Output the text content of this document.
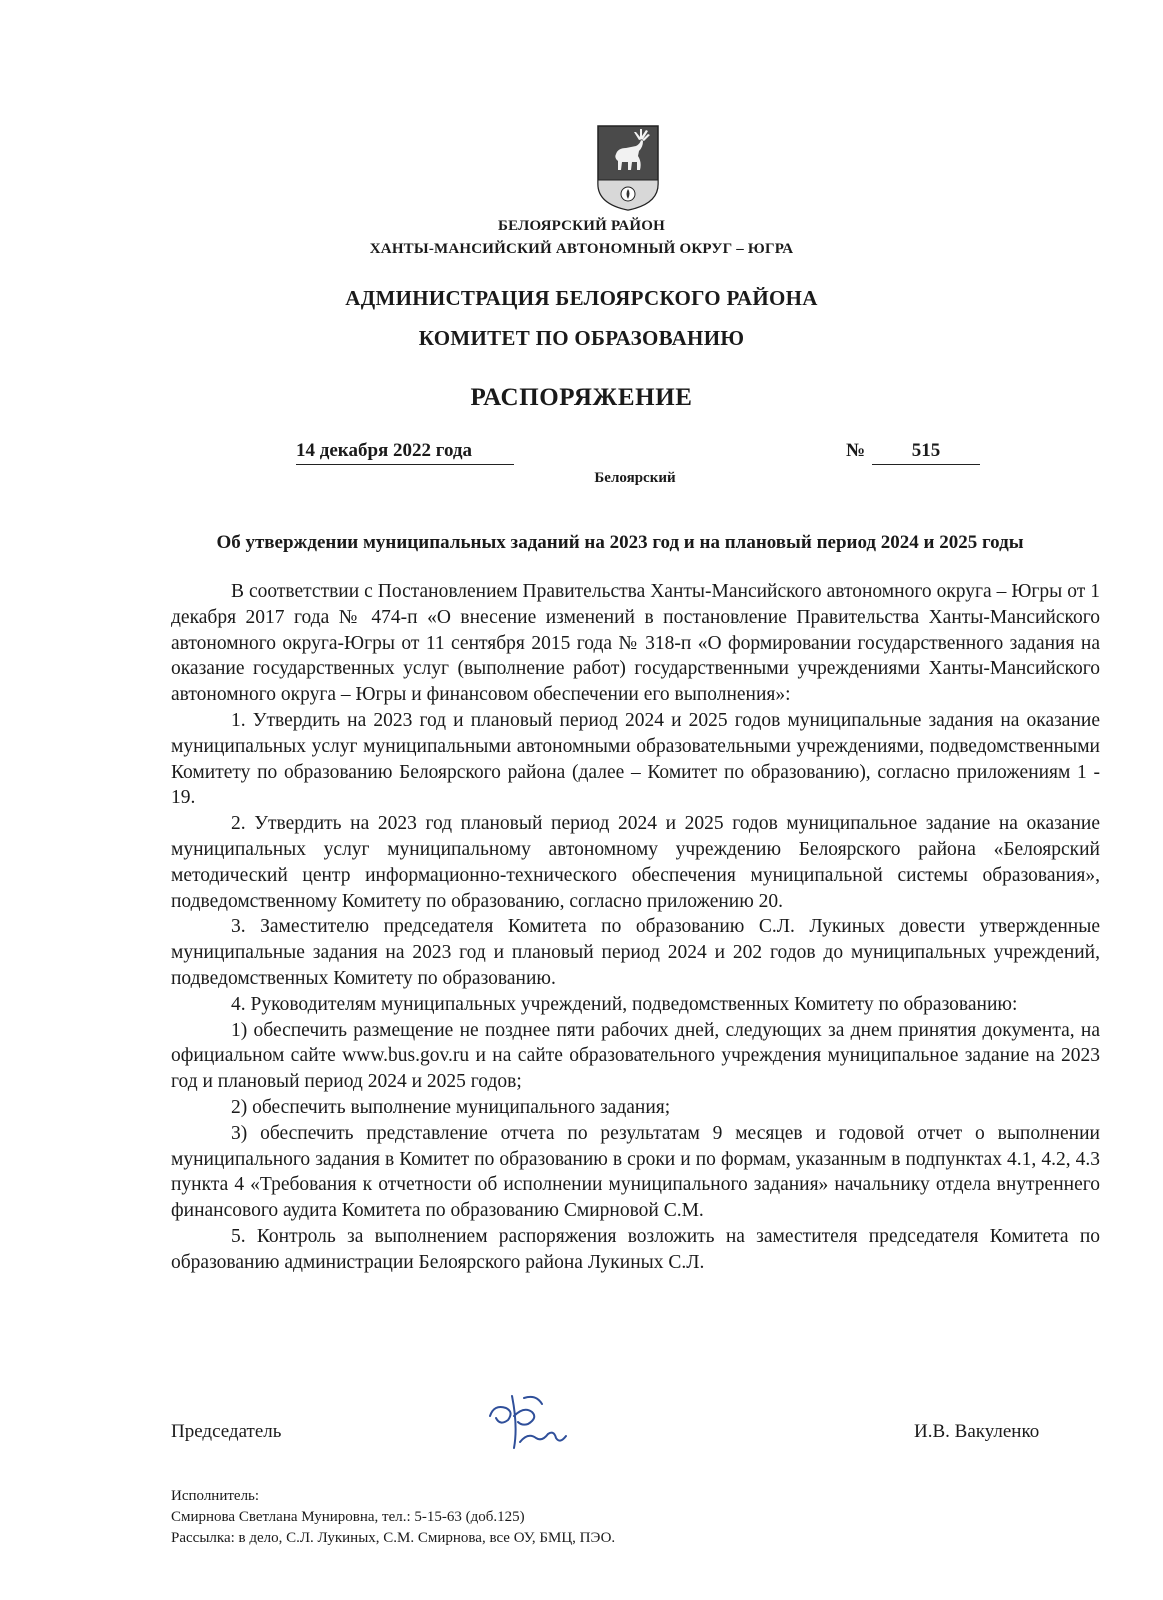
БЕЛОЯРСКИЙ РАЙОН

ХАНТЫ-МАНСИЙСКИЙ АВТОНОМНЫЙ ОКРУГ – ЮГРА

АДМИНИСТРАЦИЯ БЕЛОЯРСКОГО РАЙОНА

КОМИТЕТ ПО ОБРАЗОВАНИЮ

РАСПОРЯЖЕНИЕ

14 декабря 2022 года	№	515
Белоярский

Об утверждении муниципальных заданий на 2023 год и на плановый период 2024 и 2025 годы

В соответствии с Постановлением Правительства Ханты-Мансийского автономного округа – Югры от 1 декабря 2017 года № 474-п «О внесение изменений в постановление Правительства Ханты-Мансийского автономного округа-Югры от 11 сентября 2015 года № 318-п «О формировании государственного задания на оказание государственных услуг (выполнение работ) государственными учреждениями Ханты-Мансийского автономного округа – Югры и финансовом обеспечении его выполнения»:

1. Утвердить на 2023 год и плановый период 2024 и 2025 годов муниципальные задания на оказание муниципальных услуг муниципальными автономными образовательными учреждениями, подведомственными Комитету по образованию Белоярского района (далее – Комитет по образованию), согласно приложениям 1 - 19.

2. Утвердить на 2023 год плановый период 2024 и 2025 годов муниципальное задание на оказание муниципальных услуг муниципальному автономному учреждению Белоярского района «Белоярский методический центр информационно-технического обеспечения муниципальной системы образования», подведомственному Комитету по образованию, согласно приложению 20.

3. Заместителю председателя Комитета по образованию С.Л. Лукиных довести утвержденные муниципальные задания на 2023 год и плановый период 2024 и 202 годов до муниципальных учреждений, подведомственных Комитету по образованию.

4. Руководителям муниципальных учреждений, подведомственных Комитету по образованию:

1) обеспечить размещение не позднее пяти рабочих дней, следующих за днем принятия документа, на официальном сайте www.bus.gov.ru и на сайте образовательного учреждения муниципальное задание на 2023 год и плановый период 2024 и 2025 годов;

2) обеспечить выполнение муниципального задания;

3) обеспечить представление отчета по результатам 9 месяцев и годовой отчет о выполнении муниципального задания в Комитет по образованию в сроки и по формам, указанным в подпунктах 4.1, 4.2, 4.3 пункта 4 «Требования к отчетности об исполнении муниципального задания» начальнику отдела внутреннего финансового аудита Комитета по образованию Смирновой С.М.

5. Контроль за выполнением распоряжения возложить на заместителя председателя Комитета по образованию администрации Белоярского района Лукиных С.Л.

Председатель	И.В. Вакуленко
Исполнитель:
Смирнова Светлана Мунировна, тел.: 5-15-63 (доб.125)
Рассылка: в дело, С.Л. Лукиных, С.М. Смирнова, все ОУ, БМЦ, ПЭО.
